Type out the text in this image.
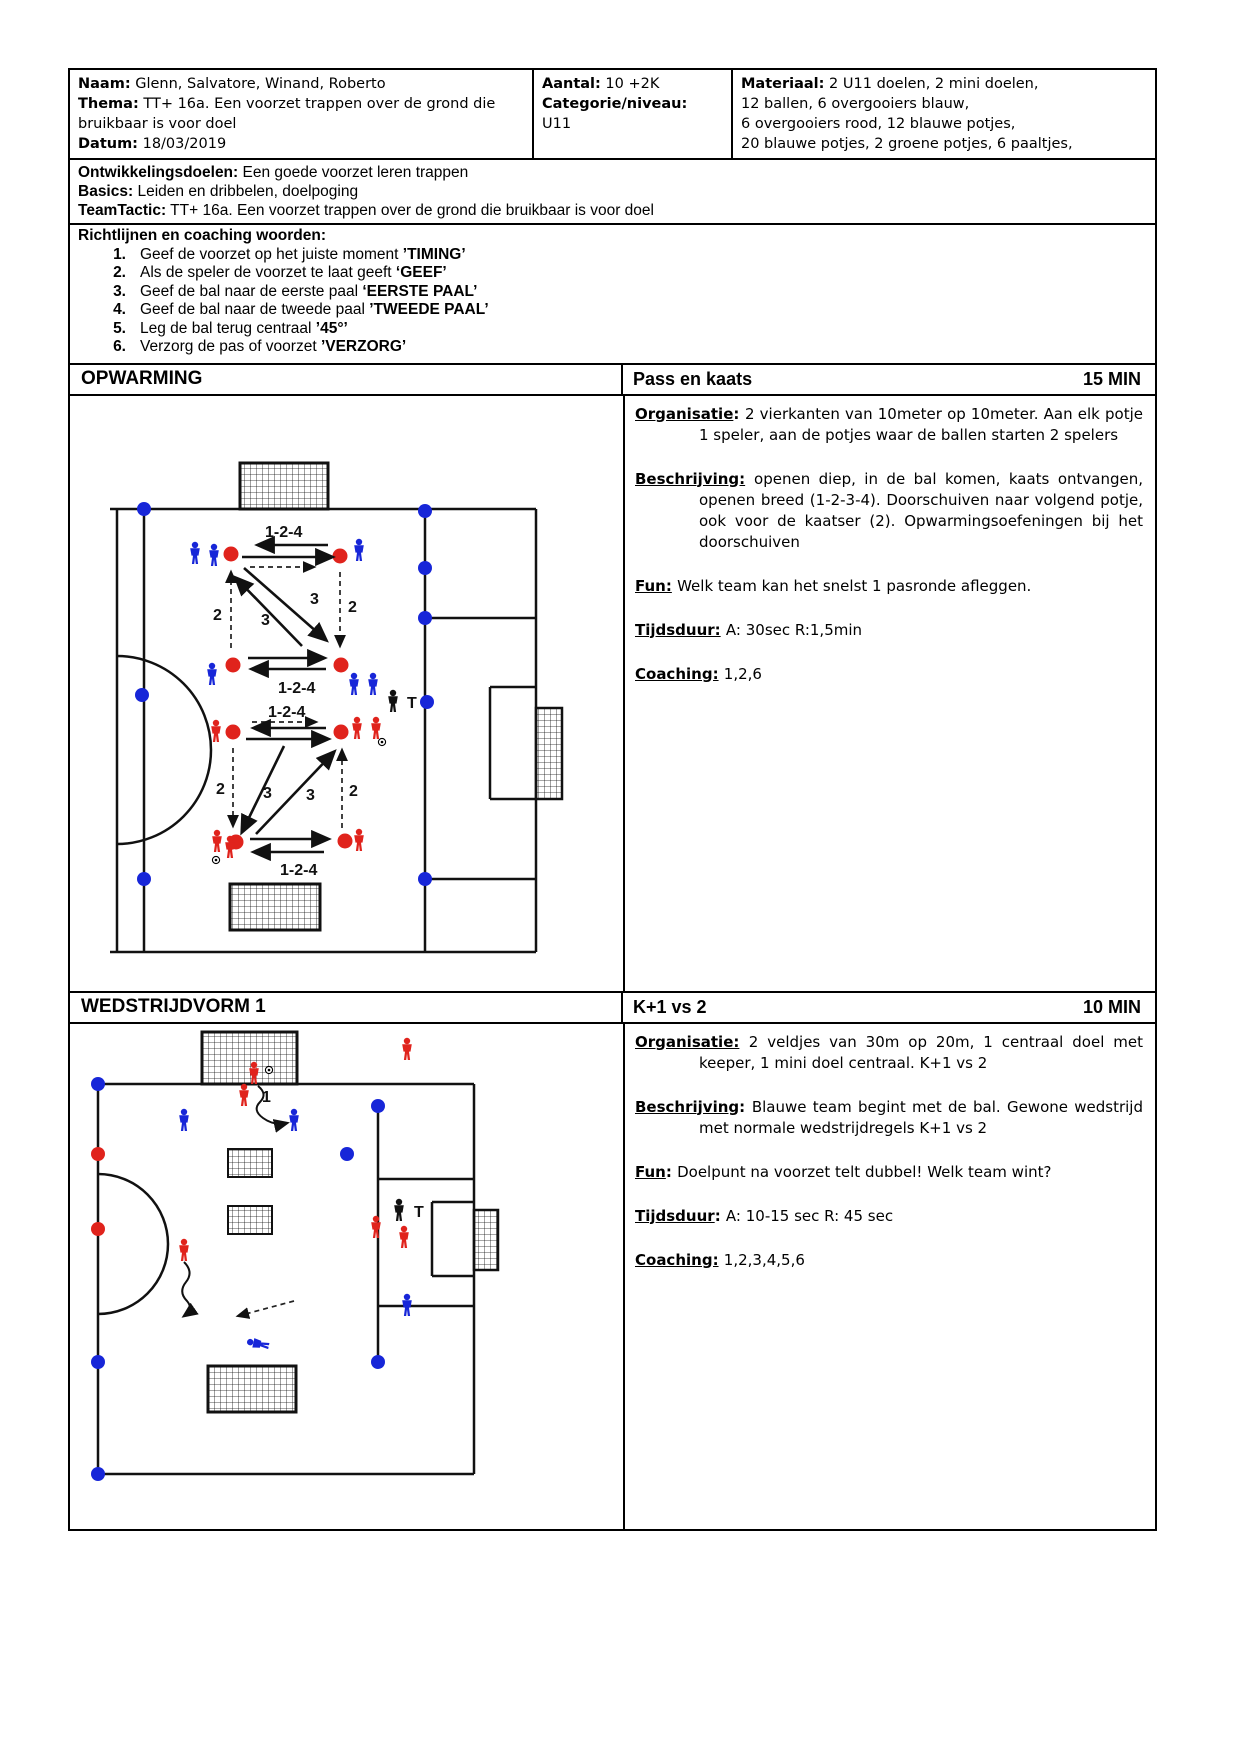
Naam: Glenn, Salvatore, Winand, Roberto
Thema: TT+ 16a. Een voorzet trappen over de grond die bruikbaar is voor doel
Datum: 18/03/2019
Aantal: 10 +2K
Categorie/niveau:
U11
Materiaal: 2 U11 doelen, 2 mini doelen,
12 ballen, 6 overgooiers blauw,
6 overgooiers rood, 12 blauwe potjes,
20 blauwe potjes, 2 groene potjes, 6 paaltjes,
Ontwikkelingsdoelen: Een goede voorzet leren trappen
Basics: Leiden en dribbelen, doelpoging
TeamTactic: TT+ 16a. Een voorzet trappen over de grond die bruikbaar is voor doel
Richtlijnen en coaching woorden:
1. Geef de voorzet op het juiste moment ’TIMING’
2. Als de speler de voorzet te laat geeft ‘GEEF’
3. Geef de bal naar de eerste paal ‘EERSTE PAAL’
4. Geef de bal naar de tweede paal ’TWEEDE PAAL’
5. Leg de bal terug centraal ’45°’
6. Verzorg de pas of voorzet ’VERZORG’
OPWARMING	Pass en kaats	15 MIN
T
1-2-4
1-2-4
2	2
3
3
1-2-4
1-2-4
2	2
3 3

Organisatie: 2 vierkanten van 10meter op 10meter. Aan elk potje 1 speler, aan de potjes waar de ballen starten 2 spelers

Beschrijving: openen diep, in de bal komen, kaats ontvangen, openen breed (1-2-3-4). Doorschuiven naar volgend potje, ook voor de kaatser (2). Opwarmingsoefeningen bij het doorschuiven

Fun: Welk team kan het snelst 1 pasronde afleggen.

Tijdsduur: A: 30sec R:1,5min

Coaching: 1,2,6

WEDSTRIJDVORM 1	K+1 vs 2	10 MIN
T
1

Organisatie: 2 veldjes van 30m op 20m, 1 centraal doel met keeper, 1 mini doel centraal. K+1 vs 2

Beschrijving: Blauwe team begint met de bal. Gewone wedstrijd met normale wedstrijdregels K+1 vs 2

Fun: Doelpunt na voorzet telt dubbel! Welk team wint?

Tijdsduur: A: 10-15 sec R: 45 sec

Coaching: 1,2,3,4,5,6
